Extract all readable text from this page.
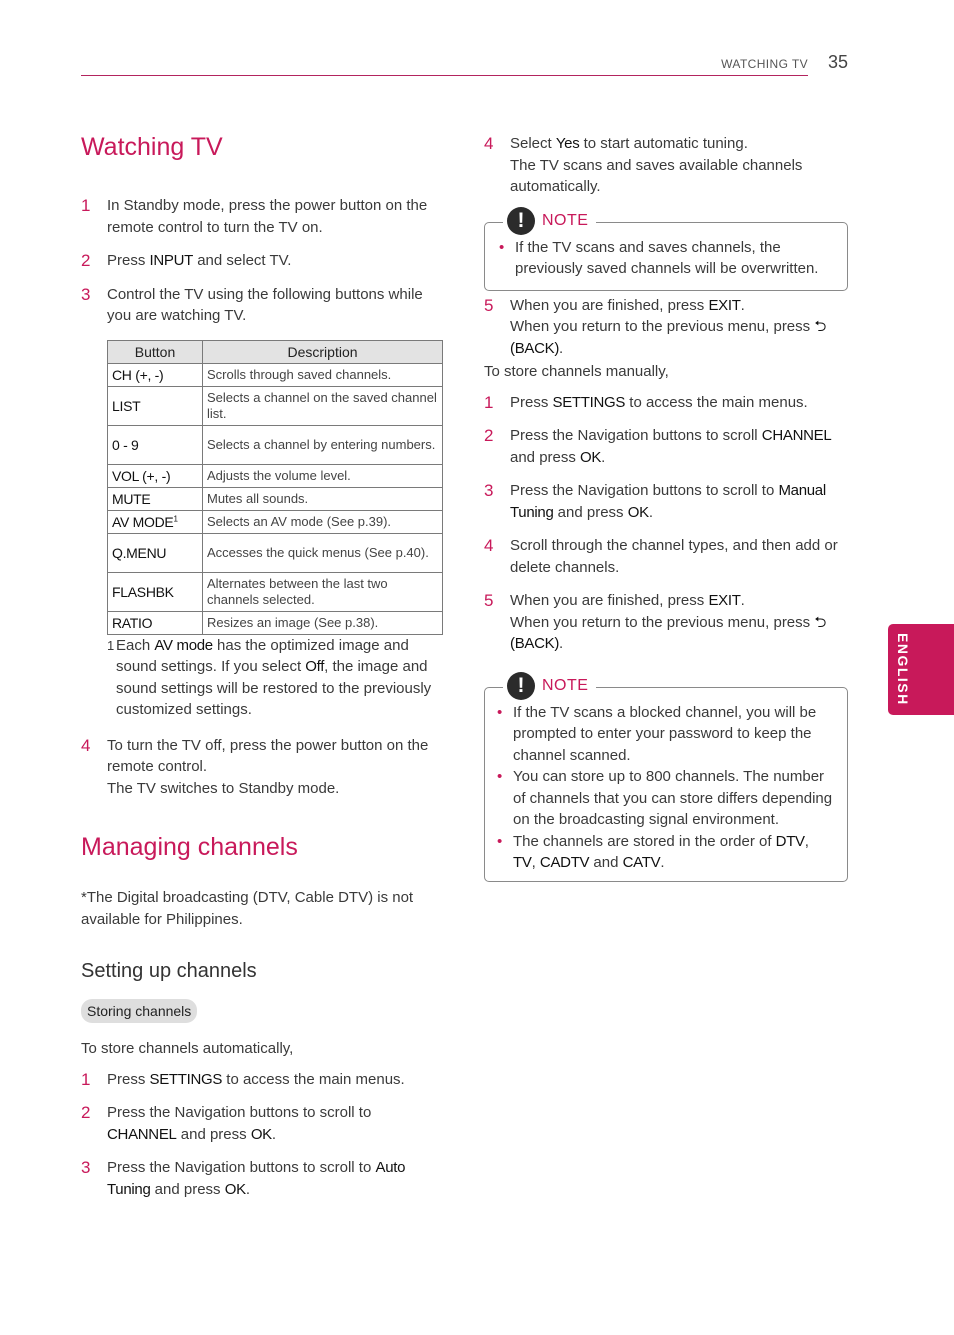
WATCHING TV	35
ENGLISH
Watching TV
1	In Standby mode, press the power button on the remote control to turn the TV on.
2	Press INPUT and select TV.
3	Control the TV using the following buttons while you are watching TV.
Button	Description
CH (+, -)	Scrolls through saved channels.
LIST	Selects a channel on the saved channel list.
0 - 9	Selects a channel by entering numbers.
VOL (+, -)	Adjusts the volume level.
MUTE	Mutes all sounds.
AV MODE$^1$	Selects an AV mode (See p.39).
Q.MENU	Accesses the quick menus (See p.40).
FLASHBK	Alternates between the last two channels selected.
RATIO	Resizes an image (See p.38).
1 Each AV mode has the optimized image and sound settings. If you select Off, the image and sound settings will be restored to the previously customized settings.
4	To turn the TV off, press the power button on the remote control.
The TV switches to Standby mode.
Managing channels
*The Digital broadcasting (DTV, Cable DTV) is not available for Philippines.
Setting up channels
Storing channels
To store channels automatically,
1	Press SETTINGS to access the main menus.
2	Press the Navigation buttons to scroll to CHANNEL and press OK.
3	Press the Navigation buttons to scroll to Auto Tuning and press OK.
4	Select Yes to start automatic tuning.
The TV scans and saves available channels automatically.
!	NOTE
• If the TV scans and saves channels, the previously saved channels will be overwritten.
5	When you are finished, press EXIT.
When you return to the previous menu, press ⮌ (BACK).
To store channels manually,
1	Press SETTINGS to access the main menus.
2	Press the Navigation buttons to scroll CHANNEL and press OK.
3	Press the Navigation buttons to scroll to Manual Tuning and press OK.
4	Scroll through the channel types, and then add or delete channels.
5	When you are finished, press EXIT.
When you return to the previous menu, press ⮌ (BACK).
!	NOTE
• If the TV scans a blocked channel, you will be prompted to enter your password to keep the channel scanned.
• You can store up to 800 channels. The number of channels that you can store differs depending on the broadcasting signal environment.
• The channels are stored in the order of DTV, TV, CADTV and CATV.
